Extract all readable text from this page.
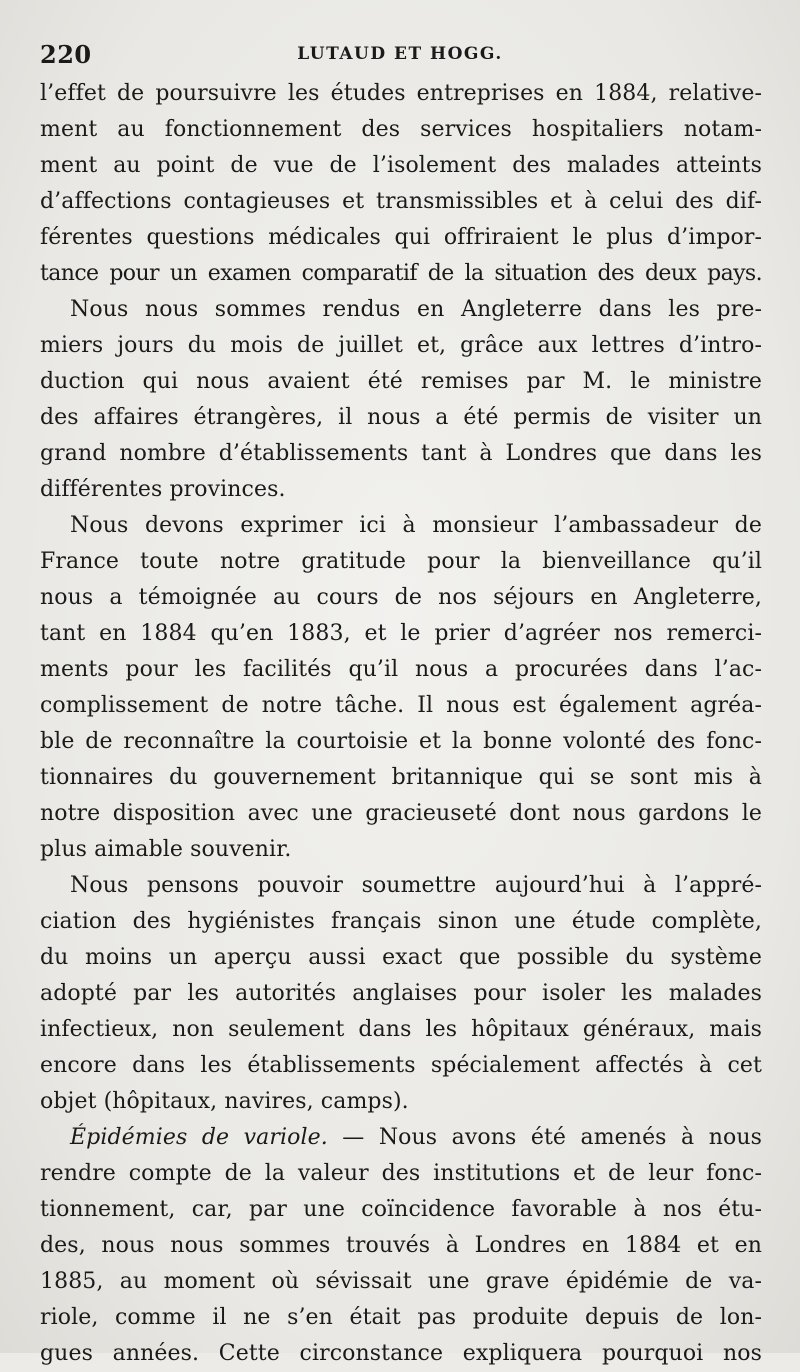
220	LUTAUD ET HOGG.
l’effet de poursuivre les études entreprises en 1884, relative-
ment au fonctionnement des services hospitaliers notam-
ment au point de vue de l’isolement des malades atteints
d’affections contagieuses et transmissibles et à celui des dif-
férentes questions médicales qui offriraient le plus d’impor-
tance pour un examen comparatif de la situation des deux pays.
Nous nous sommes rendus en Angleterre dans les pre-
miers jours du mois de juillet et, grâce aux lettres d’intro-
duction qui nous avaient été remises par M. le ministre
des affaires étrangères, il nous a été permis de visiter un
grand nombre d’établissements tant à Londres que dans les
différentes provinces.
Nous devons exprimer ici à monsieur l’ambassadeur de
France toute notre gratitude pour la bienveillance qu’il
nous a témoignée au cours de nos séjours en Angleterre,
tant en 1884 qu’en 1883, et le prier d’agréer nos remerci-
ments pour les facilités qu’il nous a procurées dans l’ac-
complissement de notre tâche. Il nous est également agréa-
ble de reconnaître la courtoisie et la bonne volonté des fonc-
tionnaires du gouvernement britannique qui se sont mis à
notre disposition avec une gracieuseté dont nous gardons le
plus aimable souvenir.
Nous pensons pouvoir soumettre aujourd’hui à l’appré-
ciation des hygiénistes français sinon une étude complète,
du moins un aperçu aussi exact que possible du système
adopté par les autorités anglaises pour isoler les malades
infectieux, non seulement dans les hôpitaux généraux, mais
encore dans les établissements spécialement affectés à cet
objet (hôpitaux, navires, camps).
Épidémies de variole. — Nous avons été amenés à nous
rendre compte de la valeur des institutions et de leur fonc-
tionnement, car, par une coïncidence favorable à nos étu-
des, nous nous sommes trouvés à Londres en 1884 et en
1885, au moment où sévissait une grave épidémie de va-
riole, comme il ne s’en était pas produite depuis de lon-
gues années. Cette circonstance expliquera pourquoi nos
